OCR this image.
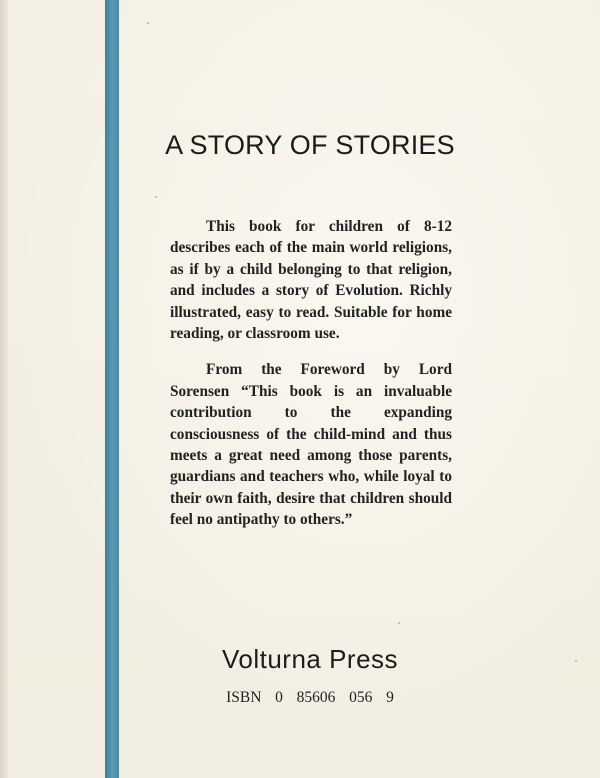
A STORY OF STORIES

This book for children of 8-12 describes each of the main world religions, as if by a child belonging to that religion, and includes a story of Evolution. Richly illustrated, easy to read. Suitable for home reading, or classroom use.

From the Foreword by Lord Sorensen “This book is an invaluable contribution to the expanding consciousness of the child-mind and thus meets a great need among those parents, guardians and teachers who, while loyal to their own faith, desire that children should feel no antipathy to others.”

Volturna Press
ISBN  0  85606  056  9
